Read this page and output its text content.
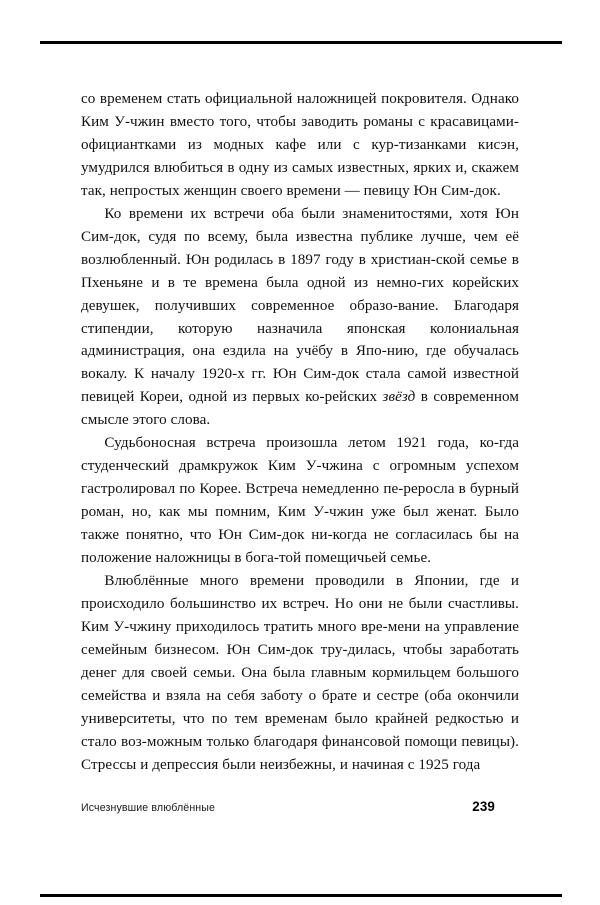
со временем стать официальной наложницей покровителя. Однако Ким У-чжин вместо того, чтобы заводить романы с красавицами-официантками из модных кафе или с кур-тизанками кисэн, умудрился влюбиться в одну из самых известных, ярких и, скажем так, непростых женщин своего времени — певицу Юн Сим-док.

Ко времени их встречи оба были знаменитостями, хотя Юн Сим-док, судя по всему, была известна публике лучше, чем её возлюбленный. Юн родилась в 1897 году в христиан-ской семье в Пхеньяне и в те времена была одной из немно-гих корейских девушек, получивших современное образо-вание. Благодаря стипендии, которую назначила японская колониальная администрация, она ездила на учёбу в Япо-нию, где обучалась вокалу. К началу 1920-х гг. Юн Сим-док стала самой известной певицей Кореи, одной из первых ко-рейских звёзд в современном смысле этого слова.

Судьбоносная встреча произошла летом 1921 года, ко-гда студенческий драмкружок Ким У-чжина с огромным успехом гастролировал по Корее. Встреча немедленно пе-реросла в бурный роман, но, как мы помним, Ким У-чжин уже был женат. Было также понятно, что Юн Сим-док ни-когда не согласилась бы на положение наложницы в бога-той помещичьей семье.

Влюблённые много времени проводили в Японии, где и происходило большинство их встреч. Но они не были счастливы. Ким У-чжину приходилось тратить много вре-мени на управление семейным бизнесом. Юн Сим-док тру-дилась, чтобы заработать денег для своей семьи. Она была главным кормильцем большого семейства и взяла на себя заботу о брате и сестре (оба окончили университеты, что по тем временам было крайней редкостью и стало воз-можным только благодаря финансовой помощи певицы). Стрессы и депрессия были неизбежны, и начиная с 1925 года

Исчезнувшие влюблённые	239
